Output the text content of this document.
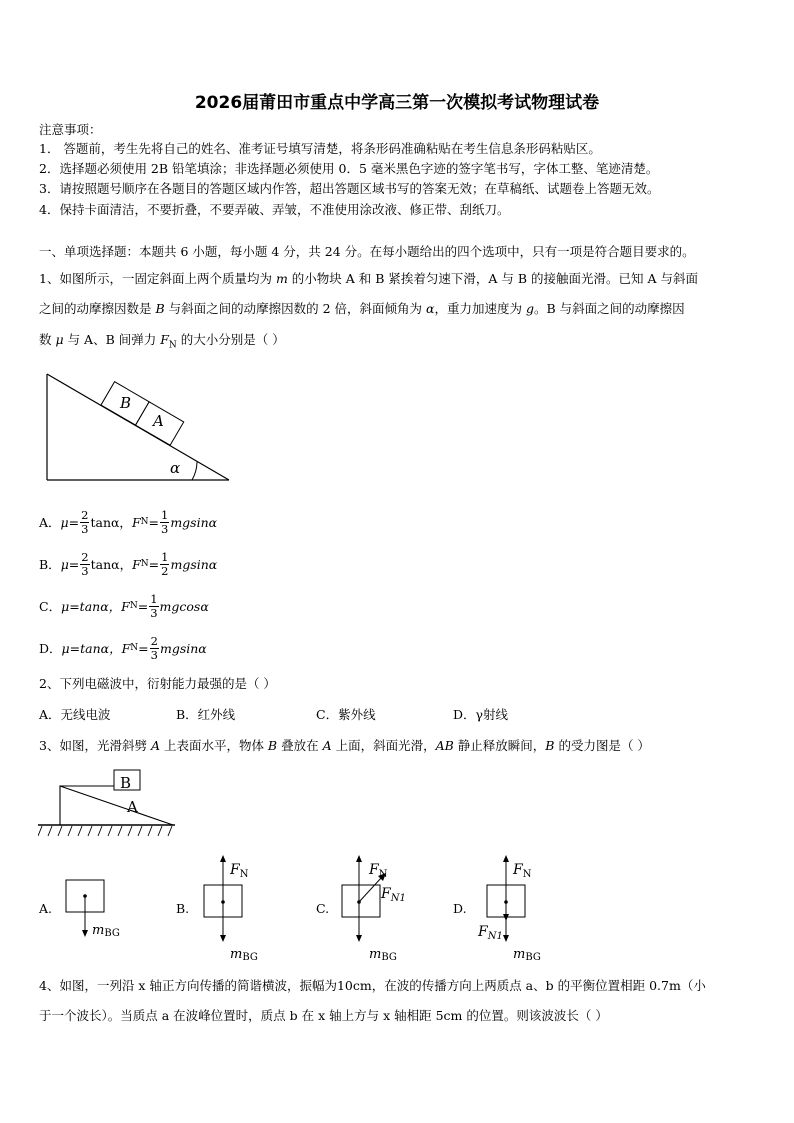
2026届莆田市重点中学高三第一次模拟考试物理试卷
注意事项：
1． 答题前，考生先将自己的姓名、准考证号填写清楚，将条形码准确粘贴在考生信息条形码粘贴区。
2．选择题必须使用 2B 铅笔填涂；非选择题必须使用 0．5 毫米黑色字迹的签字笔书写，字体工整、笔迹清楚。
3．请按照题号顺序在各题目的答题区域内作答，超出答题区域书写的答案无效；在草稿纸、试题卷上答题无效。
4．保持卡面清洁，不要折叠，不要弄破、弄皱，不准使用涂改液、修正带、刮纸刀。
一、单项选择题：本题共 6 小题，每小题 4 分，共 24 分。在每小题给出的四个选项中，只有一项是符合题目要求的。
1、如图所示，一固定斜面上两个质量均为 m 的小物块 A 和 B 紧挨着匀速下滑，A 与 B 的接触面光滑。已知 A 与斜面
之间的动摩擦因数是 B 与斜面之间的动摩擦因数的 2 倍，斜面倾角为 α，重力加速度为 g。B 与斜面之间的动摩擦因
数 μ 与 A、B 间弹力 $F_N$ 的大小分别是（ ）
B
A
α
A． $\mu= \frac{2}{3}$ tanα， F $N = \frac{1}{3}$ mgsinα
B． $\mu= \frac{2}{3}$ tanα， F $N = \frac{1}{2}$ mgsinα
C． μ=tanα， F $N = \frac{1}{3}$ mgcosα
D． μ=tanα， F $N = \frac{2}{3}$ mgsinα
2、下列电磁波中，衍射能力最强的是（ ）
A．无线电波	B．红外线	C．紫外线	D．γ射线
3、如图，光滑斜劈 A 上表面水平，物体 B 叠放在 A 上面，斜面光滑，AB 静止释放瞬间，B 的受力图是（ ）
B
A
A.
mBG
B.
$F_N$
mBG
C.
$F_N$
$F_{N1}$
mBG
D.
$F_N$
$F_{N1}$
mBG
4、如图，一列沿 x 轴正方向传播的简谐横波，振幅为10cm，在波的传播方向上两质点 a、b 的平衡位置相距 0.7m（小
于一个波长）。当质点 a 在波峰位置时，质点 b 在 x 轴上方与 x 轴相距 5cm 的位置。则该波波长（ ）
